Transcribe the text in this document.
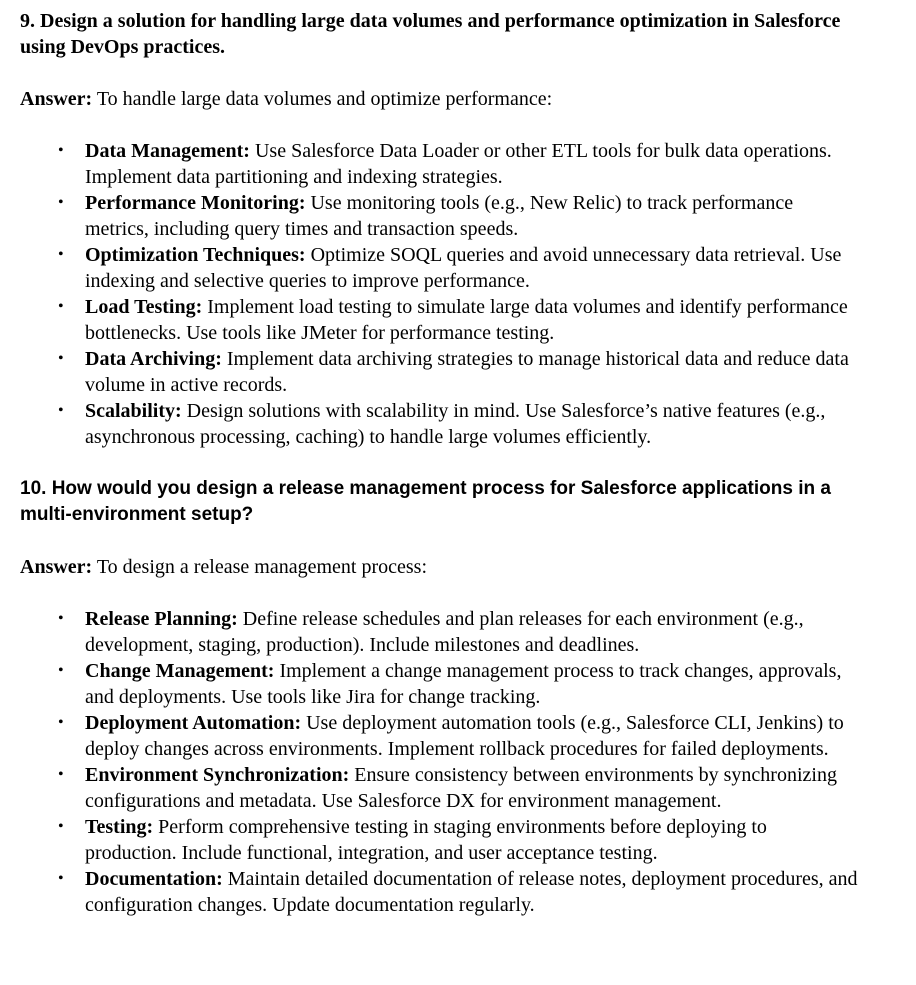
9. Design a solution for handling large data volumes and performance optimization in Salesforce using DevOps practices.

Answer: To handle large data volumes and optimize performance:

• Data Management: Use Salesforce Data Loader or other ETL tools for bulk data operations. Implement data partitioning and indexing strategies.
• Performance Monitoring: Use monitoring tools (e.g., New Relic) to track performance metrics, including query times and transaction speeds.
• Optimization Techniques: Optimize SOQL queries and avoid unnecessary data retrieval. Use indexing and selective queries to improve performance.
• Load Testing: Implement load testing to simulate large data volumes and identify performance bottlenecks. Use tools like JMeter for performance testing.
• Data Archiving: Implement data archiving strategies to manage historical data and reduce data volume in active records.
• Scalability: Design solutions with scalability in mind. Use Salesforce’s native features (e.g., asynchronous processing, caching) to handle large volumes efficiently.

10. How would you design a release management process for Salesforce applications in a multi-environment setup?

Answer: To design a release management process:

• Release Planning: Define release schedules and plan releases for each environment (e.g., development, staging, production). Include milestones and deadlines.
• Change Management: Implement a change management process to track changes, approvals, and deployments. Use tools like Jira for change tracking.
• Deployment Automation: Use deployment automation tools (e.g., Salesforce CLI, Jenkins) to deploy changes across environments. Implement rollback procedures for failed deployments.
• Environment Synchronization: Ensure consistency between environments by synchronizing configurations and metadata. Use Salesforce DX for environment management.
• Testing: Perform comprehensive testing in staging environments before deploying to production. Include functional, integration, and user acceptance testing.
• Documentation: Maintain detailed documentation of release notes, deployment procedures, and configuration changes. Update documentation regularly.
